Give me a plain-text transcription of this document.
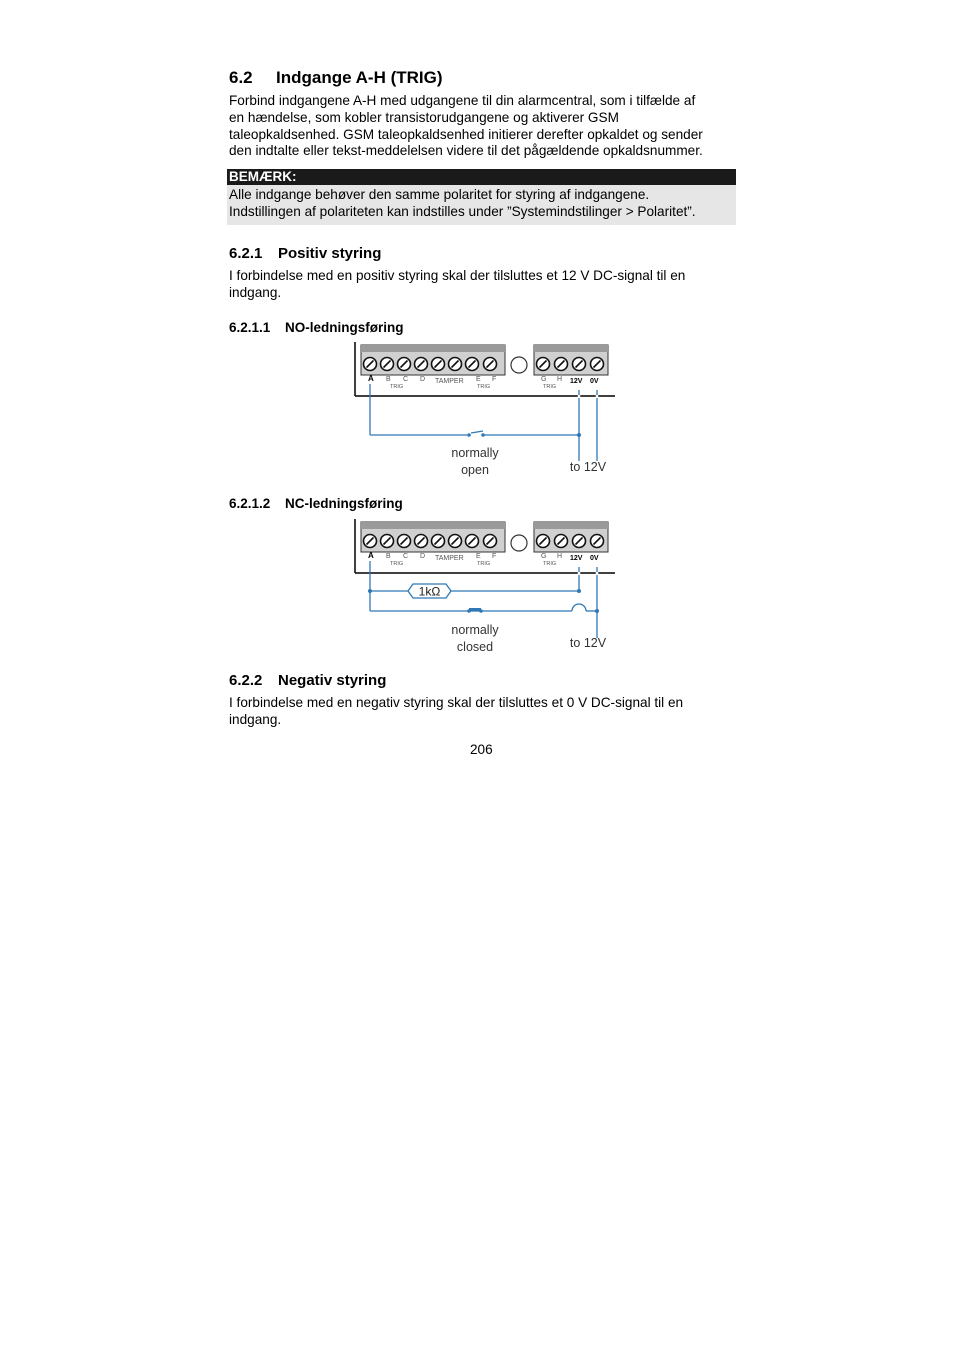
6.2 Indgange A-H (TRIG)
Forbind indgangene A-H med udgangene til din alarmcentral, som i tilfælde af
en hændelse, som kobler transistorudgangene og aktiverer GSM
taleopkaldsenhed. GSM taleopkaldsenhed initierer derefter opkaldet og sender
den indtalte eller tekst-meddelelsen videre til det pågældende opkaldsnummer.
BEMÆRK:
Alle indgange behøver den samme polaritet for styring af indgangene.
Indstillingen af polariteten kan indstilles under ”Systemindstilinger > Polaritet”.
6.2.1 Positiv styring
I forbindelse med en positiv styring skal der tilsluttes et 12 V DC-signal til en
indgang.
6.2.1.1 NO-ledningsføring
A B C D TAMPER E F
TRIG	TRIG
G H
TRIG
12V 0V
normally
open	to 12V
6.2.1.2 NC-ledningsføring
A B C D TAMPER E F
TRIG	TRIG
G H
TRIG
12V 0V
1kΩ
normally
closed	to 12V
6.2.2 Negativ styring
I forbindelse med en negativ styring skal der tilsluttes et 0 V DC-signal til en
indgang.
206
